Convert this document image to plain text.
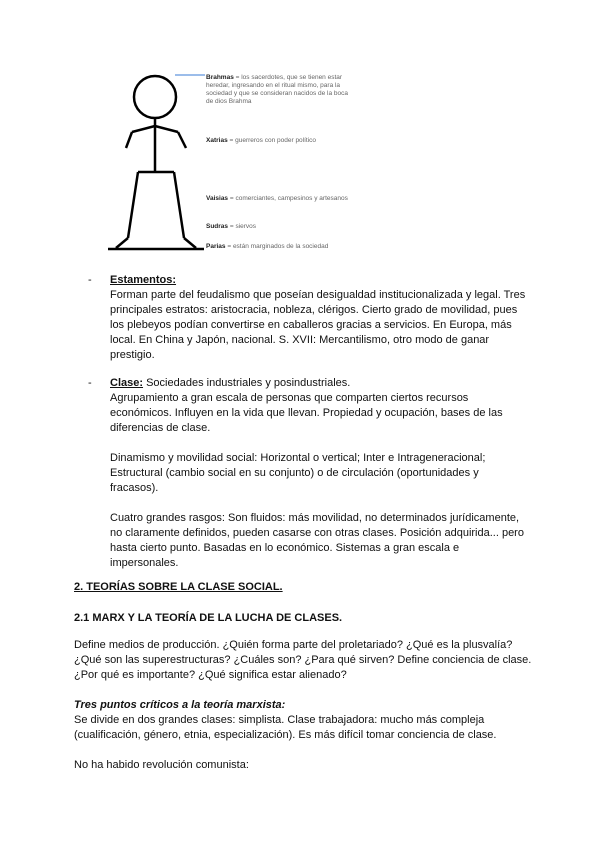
Brahmas = los sacerdotes, que se tienen estar heredar, ingresando en el ritual mismo, para la sociedad y que se consideran nacidos de la boca de dios Brahma
Xatrias = guerreros con poder político
Vaisias = comerciantes, campesinos y artesanos
Sudras = siervos
Parias = están marginados de la sociedad
-	Estamentos:
Forman parte del feudalismo que poseían desigualdad institucionalizada y legal. Tres principales estratos: aristocracia, nobleza, clérigos. Cierto grado de movilidad, pues los plebeyos podían convertirse en caballeros gracias a servicios. En Europa, más local. En China y Japón, nacional. S. XVII: Mercantilismo, otro modo de ganar prestigio.
-	Clase: Sociedades industriales y posindustriales.
Agrupamiento a gran escala de personas que comparten ciertos recursos económicos. Influyen en la vida que llevan. Propiedad y ocupación, bases de las diferencias de clase.
Dinamismo y movilidad social: Horizontal o vertical; Inter e Intrageneracional; Estructural (cambio social en su conjunto) o de circulación (oportunidades y fracasos).
Cuatro grandes rasgos: Son fluidos: más movilidad, no determinados jurídicamente, no claramente definidos, pueden casarse con otras clases. Posición adquirida... pero hasta cierto punto. Basadas en lo económico. Sistemas a gran escala e impersonales.
2. TEORÍAS SOBRE LA CLASE SOCIAL.
2.1 MARX Y LA TEORÍA DE LA LUCHA DE CLASES.
Define medios de producción. ¿Quién forma parte del proletariado? ¿Qué es la plusvalía? ¿Qué son las superestructuras? ¿Cuáles son? ¿Para qué sirven? Define conciencia de clase. ¿Por qué es importante? ¿Qué significa estar alienado?
Tres puntos críticos a la teoría marxista:
Se divide en dos grandes clases: simplista. Clase trabajadora: mucho más compleja (cualificación, género, etnia, especialización). Es más difícil tomar conciencia de clase.
No ha habido revolución comunista:
